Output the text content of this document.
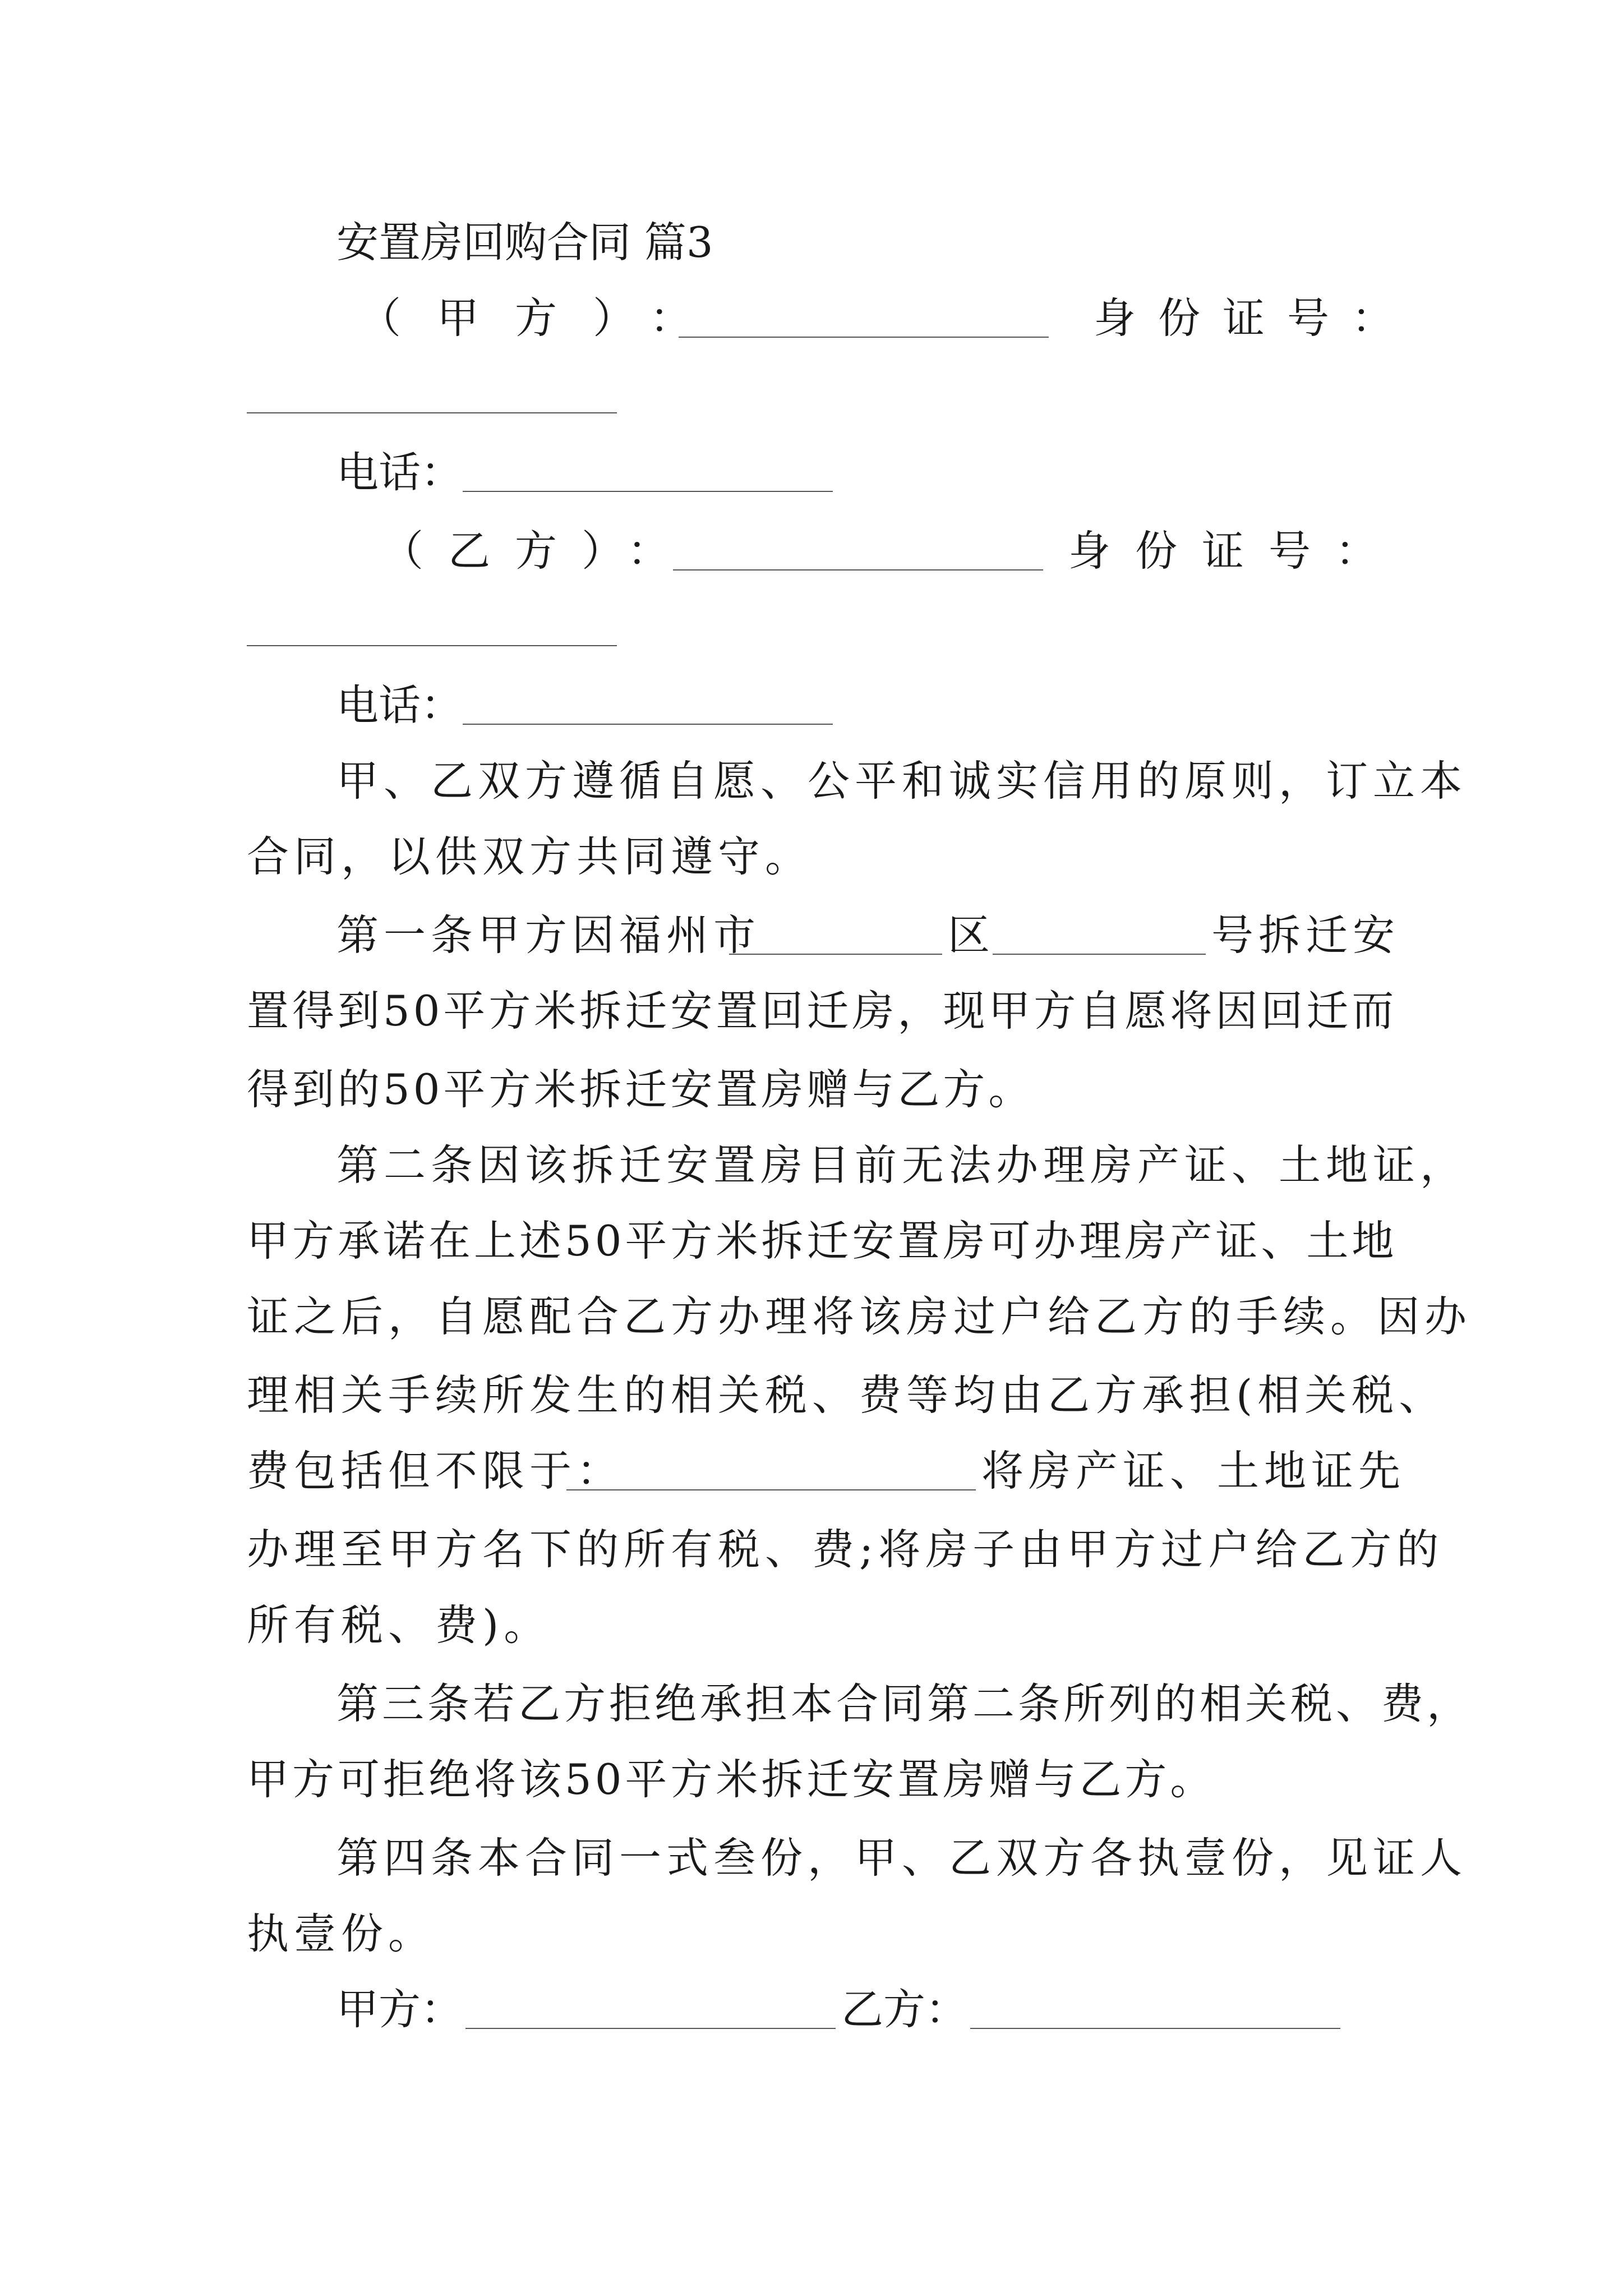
安置房回购合同 篇3
（甲方）：	身份证号：
电话：
（乙方）：	身份证号：
电话：
甲、乙双方遵循自愿、公平和诚实信用的原则，订立本
合同，以供双方共同遵守。
第一条甲方因福州市	区	号拆迁安
置得到50平方米拆迁安置回迁房，现甲方自愿将因回迁而
得到的50平方米拆迁安置房赠与乙方。
第二条因该拆迁安置房目前无法办理房产证、土地证，
甲方承诺在上述50平方米拆迁安置房可办理房产证、土地
证之后，自愿配合乙方办理将该房过户给乙方的手续。因办
理相关手续所发生的相关税、费等均由乙方承担(相关税、
费包括但不限于：	将房产证、土地证先
办理至甲方名下的所有税、费;将房子由甲方过户给乙方的
所有税、费)。
第三条若乙方拒绝承担本合同第二条所列的相关税、费，
甲方可拒绝将该50平方米拆迁安置房赠与乙方。
第四条本合同一式叁份，甲、乙双方各执壹份，见证人
执壹份。
甲方：	乙方：
